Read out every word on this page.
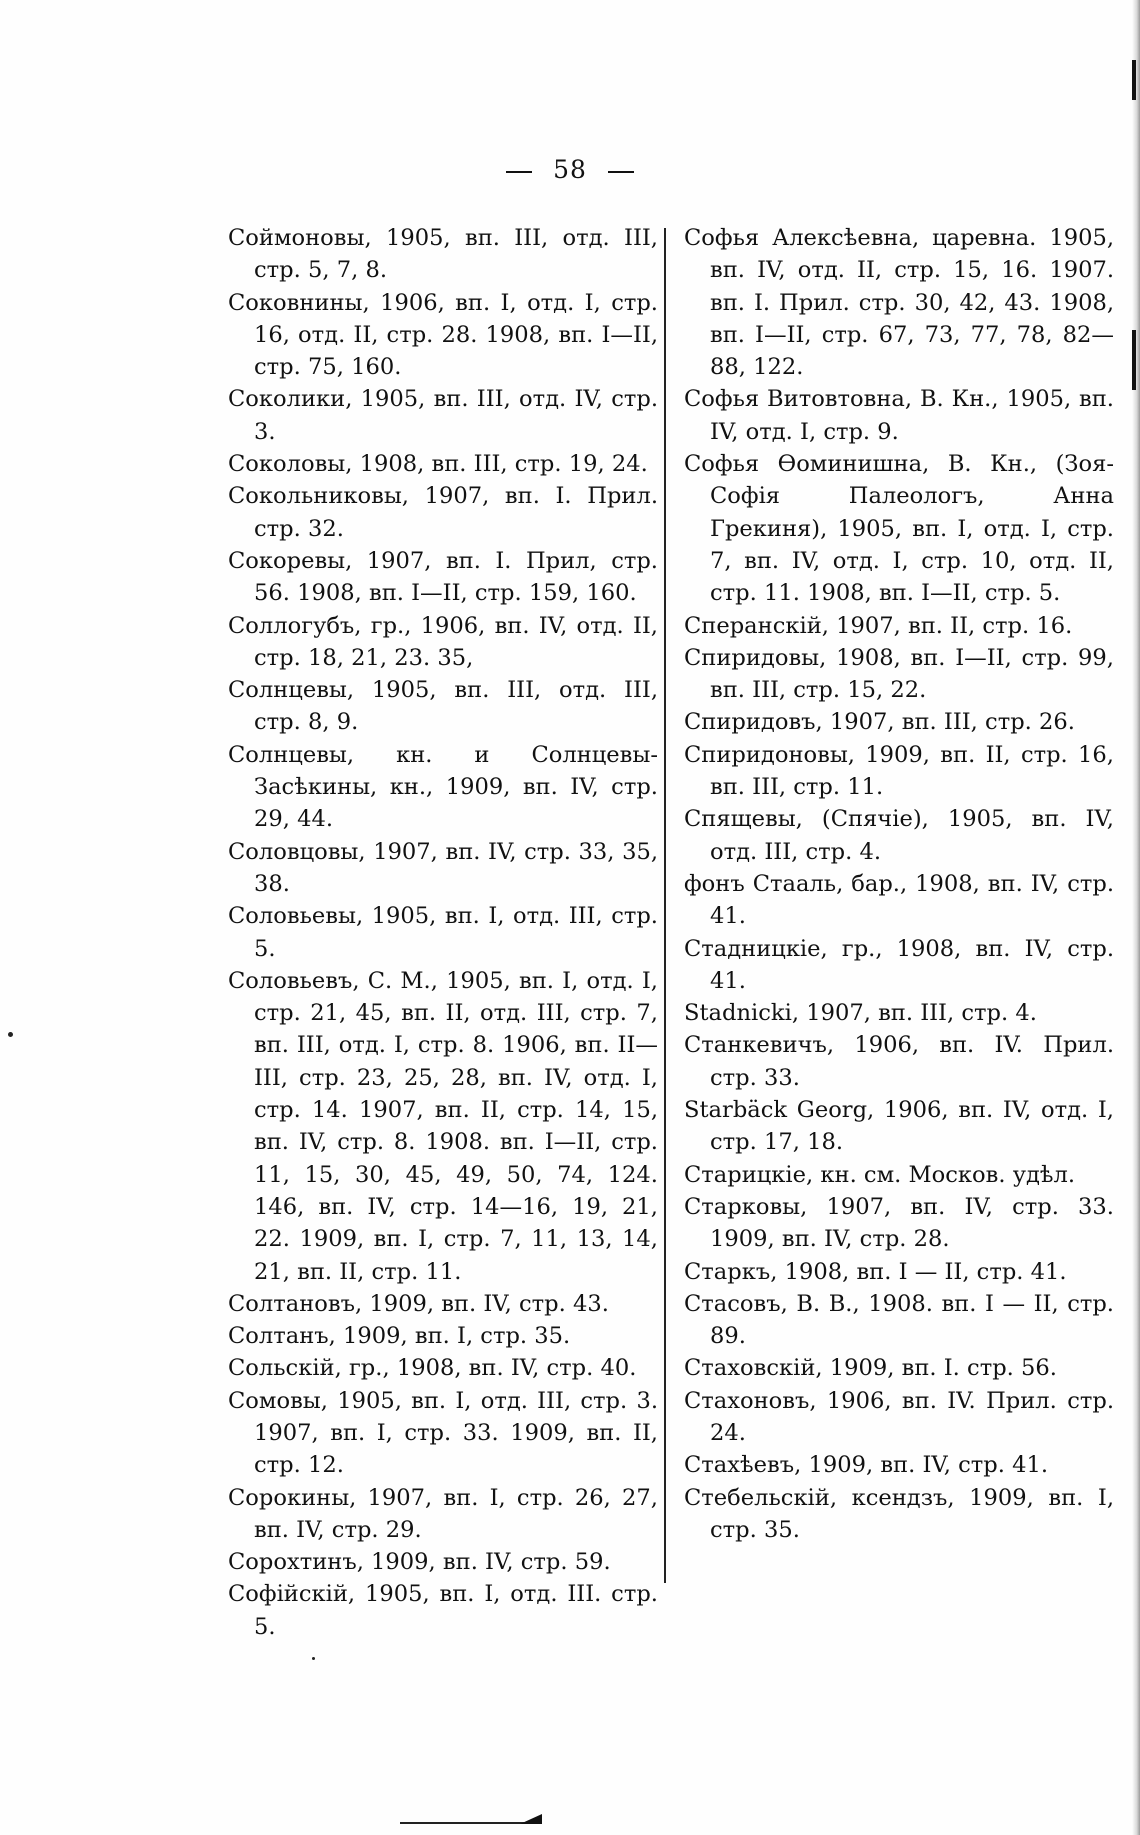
58

Соймоновы, 1905, вп. III, отд. III, стр. 5, 7, 8.

Соковнины, 1906, вп. I, отд. I, стр. 16, отд. II, стр. 28. 1908, вп. I—II, стр. 75, 160.

Соколики, 1905, вп. III, отд. IV, стр. 3.

Соколовы, 1908, вп. III, стр. 19, 24.

Сокольниковы, 1907, вп. I. Прил. стр. 32.

Сокоревы, 1907, вп. I. Прил, стр. 56. 1908, вп. I—II, стр. 159, 160.

Соллогубъ, гр., 1906, вп. IV, отд. II, стр. 18, 21, 23. 35,

Солнцевы, 1905, вп. III, отд. III, стр. 8, 9.

Солнцевы, кн. и Солнцевы-Засѣкины, кн., 1909, вп. IV, стр. 29, 44.

Соловцовы, 1907, вп. IV, стр. 33, 35, 38.

Соловьевы, 1905, вп. I, отд. III, стр. 5.

Соловьевъ, С. М., 1905, вп. I, отд. I, стр. 21, 45, вп. II, отд. III, стр. 7, вп. III, отд. I, стр. 8. 1906, вп. II—III, стр. 23, 25, 28, вп. IV, отд. I, стр. 14. 1907, вп. II, стр. 14, 15, вп. IV, стр. 8. 1908. вп. I—II, стр. 11, 15, 30, 45, 49, 50, 74, 124. 146, вп. IV, стр. 14—16, 19, 21, 22. 1909, вп. I, стр. 7, 11, 13, 14, 21, вп. II, стр. 11.

Солтановъ, 1909, вп. IV, стр. 43.

Солтанъ, 1909, вп. I, стр. 35.

Сольскій, гр., 1908, вп. IV, стр. 40.

Сомовы, 1905, вп. I, отд. III, стр. 3. 1907, вп. I, стр. 33. 1909, вп. II, стр. 12.

Сорокины, 1907, вп. I, стр. 26, 27, вп. IV, стр. 29.

Сорохтинъ, 1909, вп. IV, стр. 59.

Софійскій, 1905, вп. I, отд. III. стр. 5.

Софья Алексѣевна, царевна. 1905, вп. IV, отд. II, стр. 15, 16. 1907. вп. I. Прил. стр. 30, 42, 43. 1908, вп. I—II, стр. 67, 73, 77, 78, 82—88, 122.

Софья Витовтовна, В. Кн., 1905, вп. IV, отд. I, стр. 9.

Софья Ѳоминишна, В. Кн., (Зоя-Софія Палеологъ, Анна Грекиня), 1905, вп. I, отд. I, стр. 7, вп. IV, отд. I, стр. 10, отд. II, стр. 11. 1908, вп. I—II, стр. 5.

Сперанскій, 1907, вп. II, стр. 16.

Спиридовы, 1908, вп. I—II, стр. 99, вп. III, стр. 15, 22.

Спиридовъ, 1907, вп. III, стр. 26.

Спиридоновы, 1909, вп. II, стр. 16, вп. III, стр. 11.

Спящевы, (Спячіе), 1905, вп. IV, отд. III, стр. 4.

фонъ Стааль, бар., 1908, вп. IV, стр. 41.

Стадницкіе, гр., 1908, вп. IV, стр. 41.

Stadnicki, 1907, вп. III, стр. 4.

Станкевичъ, 1906, вп. IV. Прил. стр. 33.

Starbäck Georg, 1906, вп. IV, отд. I, стр. 17, 18.

Старицкіе, кн. см. Москов. удѣл.

Старковы, 1907, вп. IV, стр. 33. 1909, вп. IV, стр. 28.

Старкъ, 1908, вп. I — II, стр. 41.

Стасовъ, В. В., 1908. вп. I — II, стр. 89.

Стаховскій, 1909, вп. I. стр. 56.

Стахоновъ, 1906, вп. IV. Прил. стр. 24.

Стахѣевъ, 1909, вп. IV, стр. 41.

Стебельскій, ксендзъ, 1909, вп. I, стр. 35.
